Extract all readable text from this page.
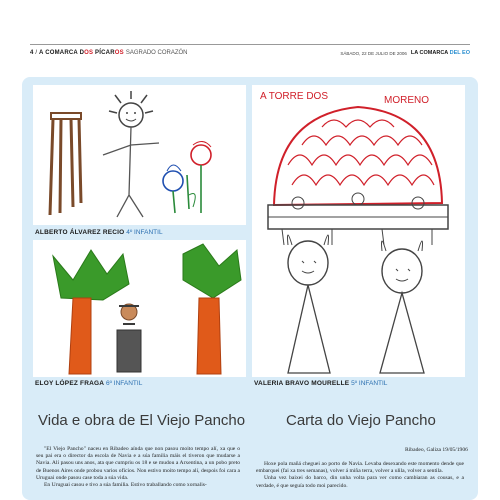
4 / A COMARCA DOS PÍCAROS SAGRADO CORAZÓN	SÁBADO, 22 DE JULIO DE 2006 LA COMARCA DEL EO
ALBERTO ÁLVAREZ RECIO 4º INFANTIL
ELOY LÓPEZ FRAGA 6º INFANTIL
A TORRE DOS	MORENO
VALERIA BRAVO MOURELLE 5º INFANTIL
Vida e obra de El Viejo Pancho

"El Viejo Pancho" naceu en Ribadeo aínda que non pasou moito tempo alí, xa que o seu pai era o director da escola de Navia e a súa familia máis el tiveron que mudarse a Navia. Alí pasou uns anos, ata que cumpriu os 18 e se mudou a Arxentina, a un pobo preto de Buenos Aires onde probou varios oficios. Non estivo moito tempo alí, despois foi cara a Uruguai onde pasou case toda a súa vida.

En Uruguai casou e tivo a súa familia. Estivo traballando como xornalis-

Carta do Viejo Pancho
Ribadeo, Galiza 19/05/1906

Hoxe pola mañá cheguei ao porto de Navia. Levaba desexando este momento dende que embarquei (fai xa tres semanas), volver á miña terra, volver a ulila, volver a sentila.

Unha vez baixei do barco, din unha volta para ver como cambiaran as cousas, e a verdade, é que seguía todo moi parecido.
